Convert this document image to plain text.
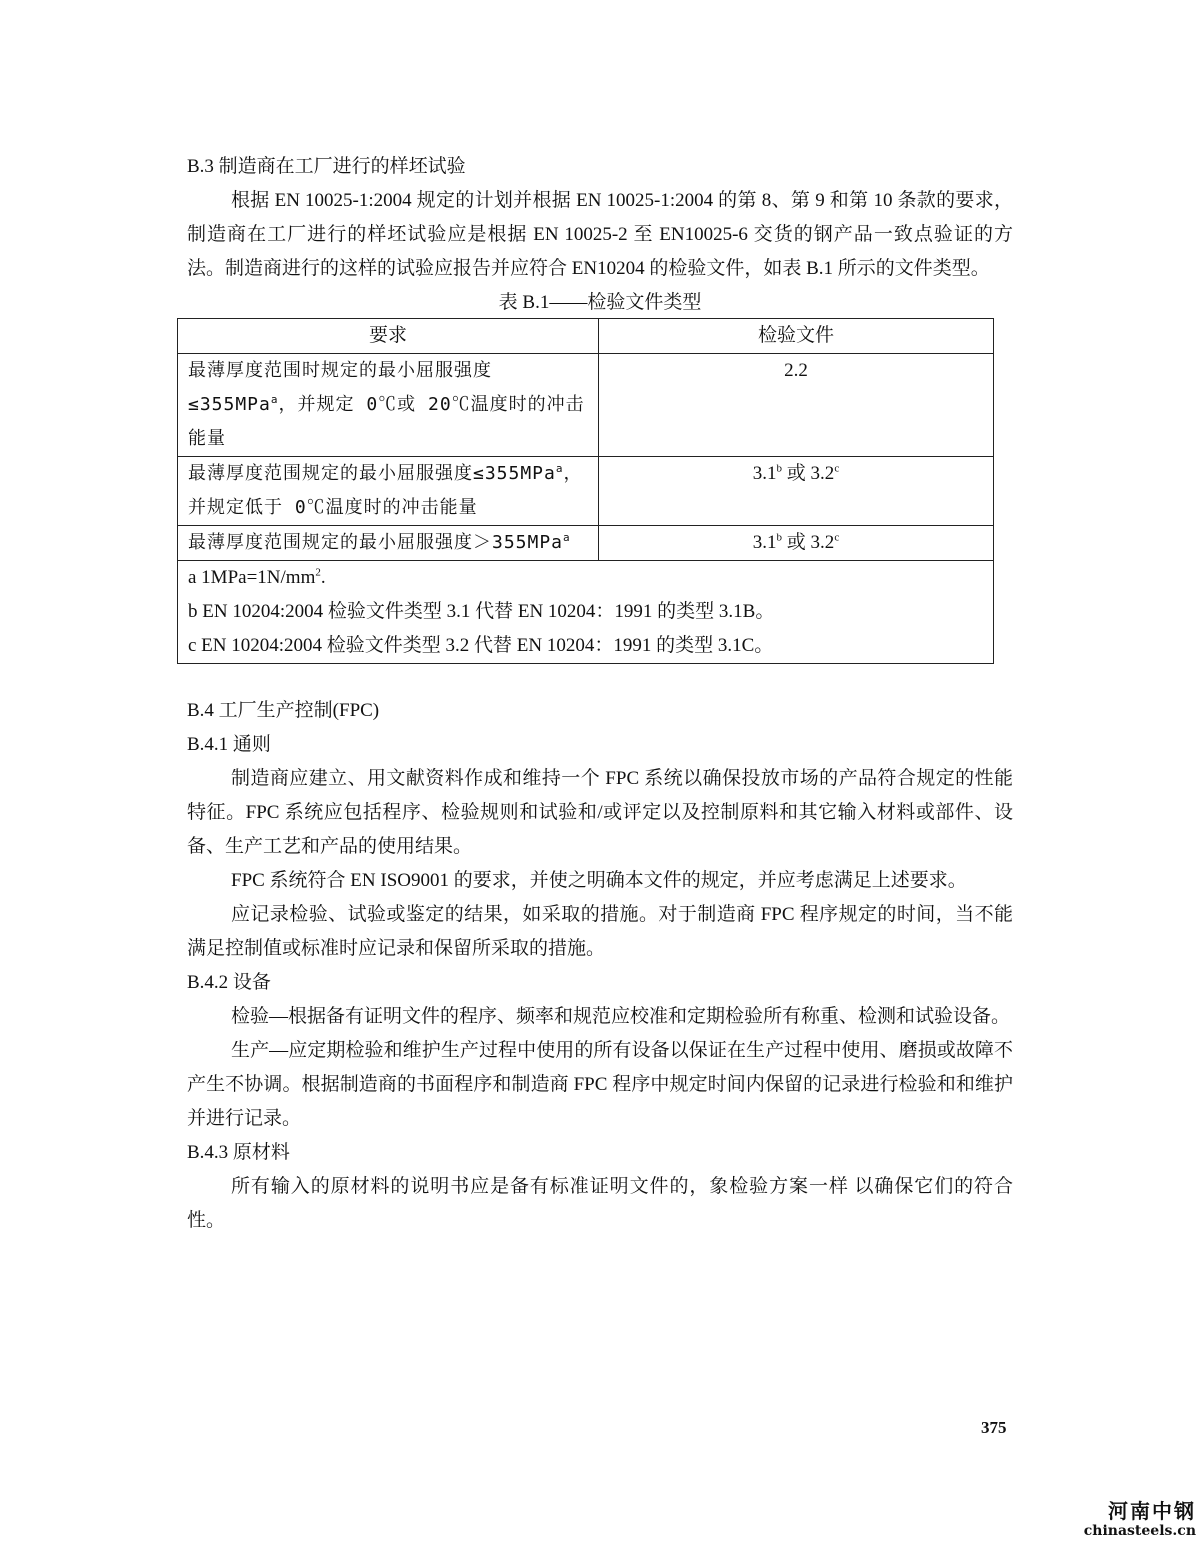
B.3 制造商在工厂进行的样坯试验

根据 EN 10025-1:2004 规定的计划并根据 EN 10025-1:2004 的第 8、第 9 和第 10 条款的要求，制造商在工厂进行的样坯试验应是根据 EN 10025-2 至 EN10025-6 交货的钢产品一致点验证的方法。制造商进行的这样的试验应报告并应符合 EN10204 的检验文件，如表 B.1 所示的文件类型。

表 B.1——检验文件类型
要求	检验文件
最薄厚度范围时规定的最小屈服强度≤355MPa$^a$，并规定 0℃或 20℃温度时的冲击能量	2.2
最薄厚度范围规定的最小屈服强度≤355MPa$^a$，并规定低于 0℃温度时的冲击能量	3.1$^b$ 或 3.2$^c$
最薄厚度范围规定的最小屈服强度＞355MPa$^a$	3.1$^b$ 或 3.2$^c$

a $1MPa=1N/mm^2$.
b EN 10204:2004 检验文件类型 3.1 代替 EN 10204：1991 的类型 3.1B。
c EN 10204:2004 检验文件类型 3.2 代替 EN 10204：1991 的类型 3.1C。	

B.4 工厂生产控制(FPC)

B.4.1 通则

制造商应建立、用文献资料作成和维持一个 FPC 系统以确保投放市场的产品符合规定的性能特征。FPC 系统应包括程序、检验规则和试验和/或评定以及控制原料和其它输入材料或部件、设备、生产工艺和产品的使用结果。

FPC 系统符合 EN ISO9001 的要求，并使之明确本文件的规定，并应考虑满足上述要求。

应记录检验、试验或鉴定的结果，如采取的措施。对于制造商 FPC 程序规定的时间，当不能满足控制值或标准时应记录和保留所采取的措施。

B.4.2 设备

检验—根据备有证明文件的程序、频率和规范应校准和定期检验所有称重、检测和试验设备。

生产—应定期检验和维护生产过程中使用的所有设备以保证在生产过程中使用、磨损或故障不产生不协调。根据制造商的书面程序和制造商 FPC 程序中规定时间内保留的记录进行检验和和维护并进行记录。

B.4.3 原材料

所有输入的原材料的说明书应是备有标准证明文件的，象检验方案一样 以确保它们的符合性。

375
河南中钢
chinasteels.cn
